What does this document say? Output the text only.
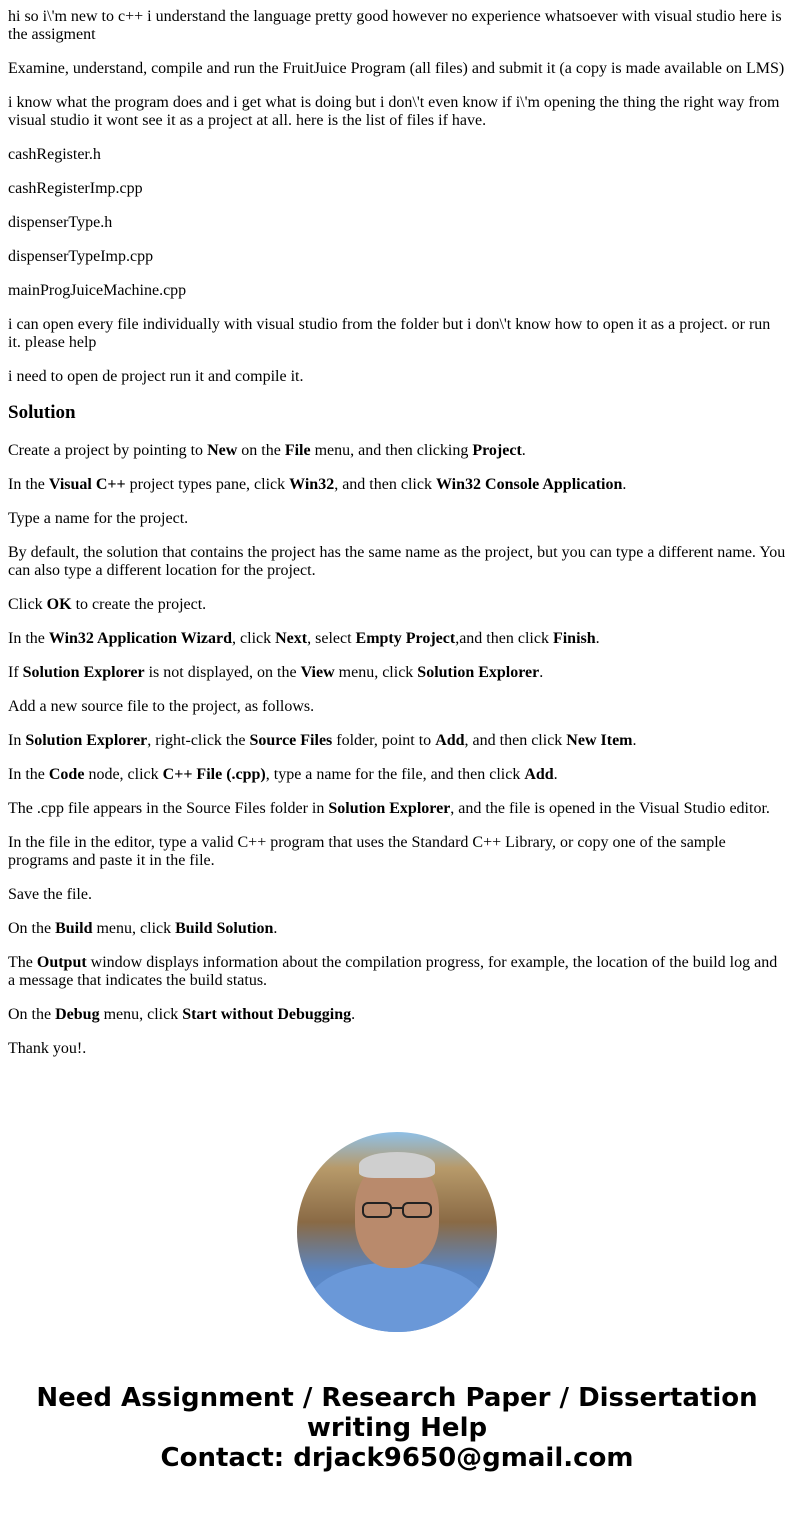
hi so i\'m new to c++ i understand the language pretty good however no experience whatsoever with visual studio here is the assigment

Examine, understand, compile and run the FruitJuice Program (all files) and submit it (a copy is made available on LMS)

i know what the program does and i get what is doing but i don\'t even know if i\'m opening the thing the right way from visual studio it wont see it as a project at all. here is the list of files if have.

cashRegister.h

cashRegisterImp.cpp

dispenserType.h

dispenserTypeImp.cpp

mainProgJuiceMachine.cpp

i can open every file individually with visual studio from the folder but i don\'t know how to open it as a project. or run it. please help

i need to open de project run it and compile it.

Solution

Create a project by pointing to New on the File menu, and then clicking Project.

In the Visual C++ project types pane, click Win32, and then click Win32 Console Application.

Type a name for the project.

By default, the solution that contains the project has the same name as the project, but you can type a different name. You can also type a different location for the project.

Click OK to create the project.

In the Win32 Application Wizard, click Next, select Empty Project,and then click Finish.

If Solution Explorer is not displayed, on the View menu, click Solution Explorer.

Add a new source file to the project, as follows.

In Solution Explorer, right-click the Source Files folder, point to Add, and then click New Item.

In the Code node, click C++ File (.cpp), type a name for the file, and then click Add.

The .cpp file appears in the Source Files folder in Solution Explorer, and the file is opened in the Visual Studio editor.

In the file in the editor, type a valid C++ program that uses the Standard C++ Library, or copy one of the sample programs and paste it in the file.

Save the file.

On the Build menu, click Build Solution.

The Output window displays information about the compilation progress, for example, the location of the build log and a message that indicates the build status.

On the Debug menu, click Start without Debugging.

Thank you!.

Need Assignment / Research Paper / Dissertation writing Help
Contact: drjack9650@gmail.com
